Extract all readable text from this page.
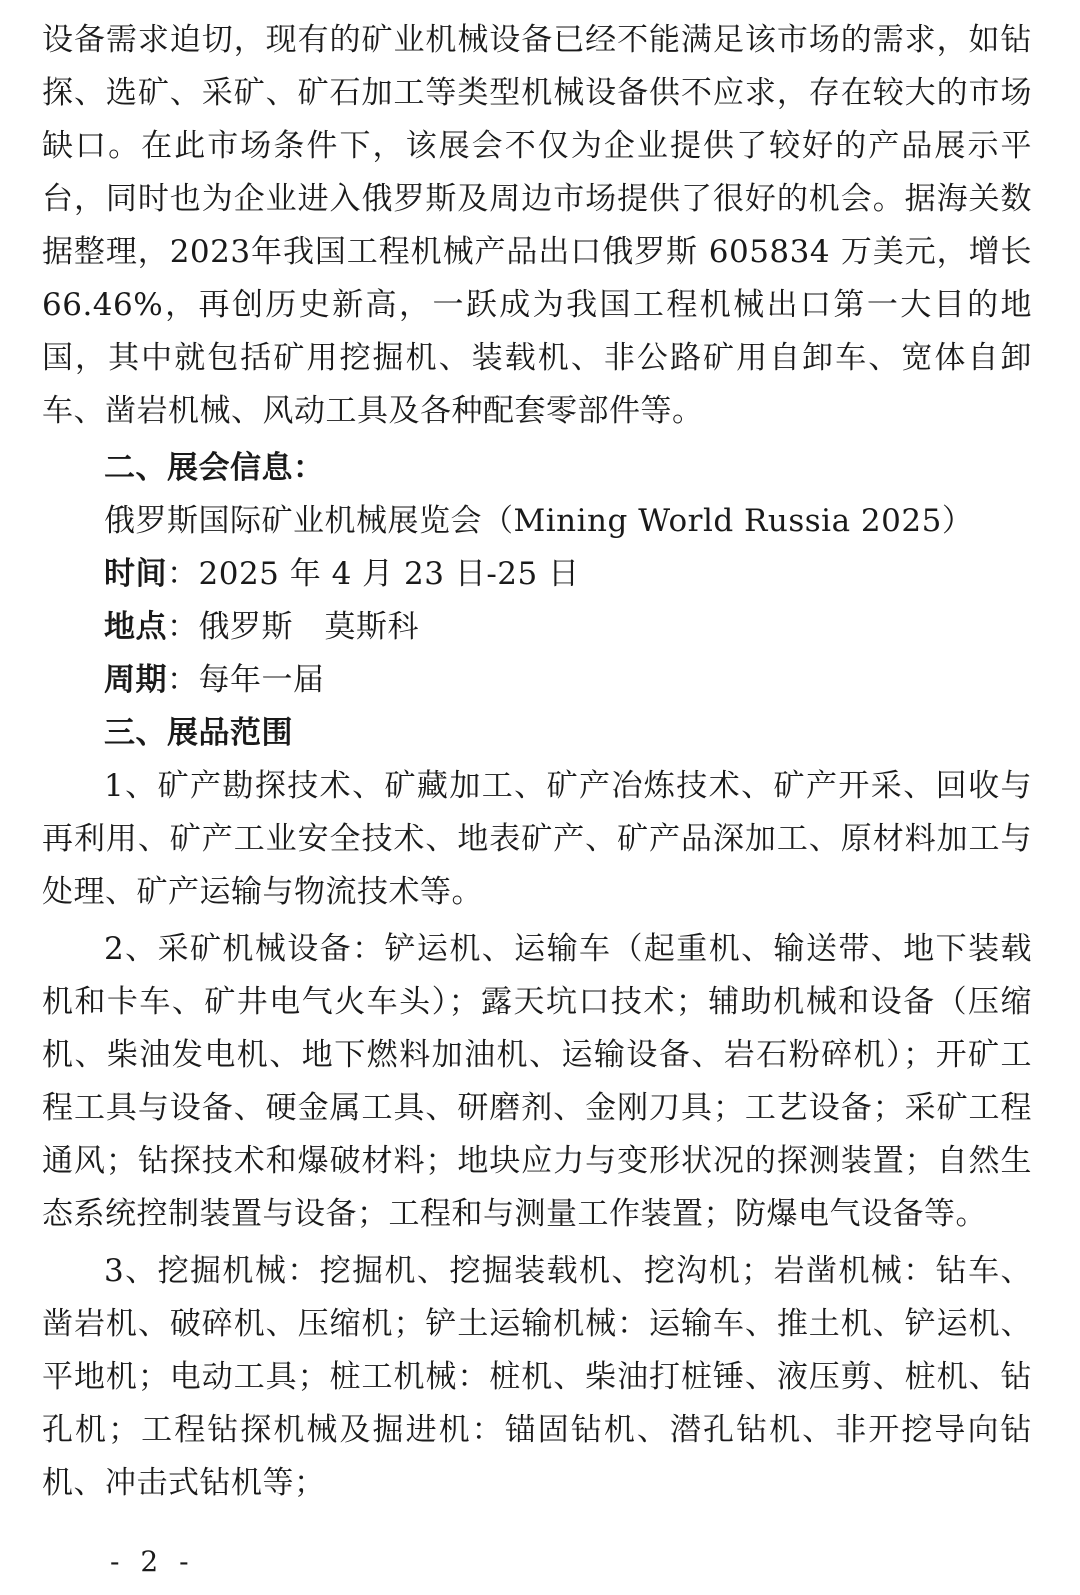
设备需求迫切，现有的矿业机械设备已经不能满足该市场的需求，如钻探、选矿、采矿、矿石加工等类型机械设备供不应求，存在较大的市场缺口。在此市场条件下，该展会不仅为企业提供了较好的产品展示平台，同时也为企业进入俄罗斯及周边市场提供了很好的机会。据海关数据整理，2023年我国工程机械产品出口俄罗斯 605834 万美元，增长 66.46%，再创历史新高，一跃成为我国工程机械出口第一大目的地国，其中就包括矿用挖掘机、装载机、非公路矿用自卸车、宽体自卸车、凿岩机械、风动工具及各种配套零部件等。

二、展会信息：

俄罗斯国际矿业机械展览会（Mining World Russia 2025）

时间：2025 年 4 月 23 日-25 日

地点：俄罗斯　莫斯科

周期：每年一届

三、展品范围

1、矿产勘探技术、矿藏加工、矿产冶炼技术、矿产开采、回收与再利用、矿产工业安全技术、地表矿产、矿产品深加工、原材料加工与处理、矿产运输与物流技术等。

2、采矿机械设备：铲运机、运输车（起重机、输送带、地下装载机和卡车、矿井电气火车头）；露天坑口技术；辅助机械和设备（压缩机、柴油发电机、地下燃料加油机、运输设备、岩石粉碎机）；开矿工程工具与设备、硬金属工具、研磨剂、金刚刀具；工艺设备；采矿工程通风；钻探技术和爆破材料；地块应力与变形状况的探测装置；自然生态系统控制装置与设备；工程和与测量工作装置；防爆电气设备等。

3、挖掘机械：挖掘机、挖掘装载机、挖沟机；岩凿机械：钻车、凿岩机、破碎机、压缩机；铲土运输机械：运输车、推土机、铲运机、平地机；电动工具；桩工机械：桩机、柴油打桩锤、液压剪、桩机、钻孔机；工程钻探机械及掘进机：锚固钻机、潜孔钻机、非开挖导向钻机、冲击式钻机等；

- 2 -
